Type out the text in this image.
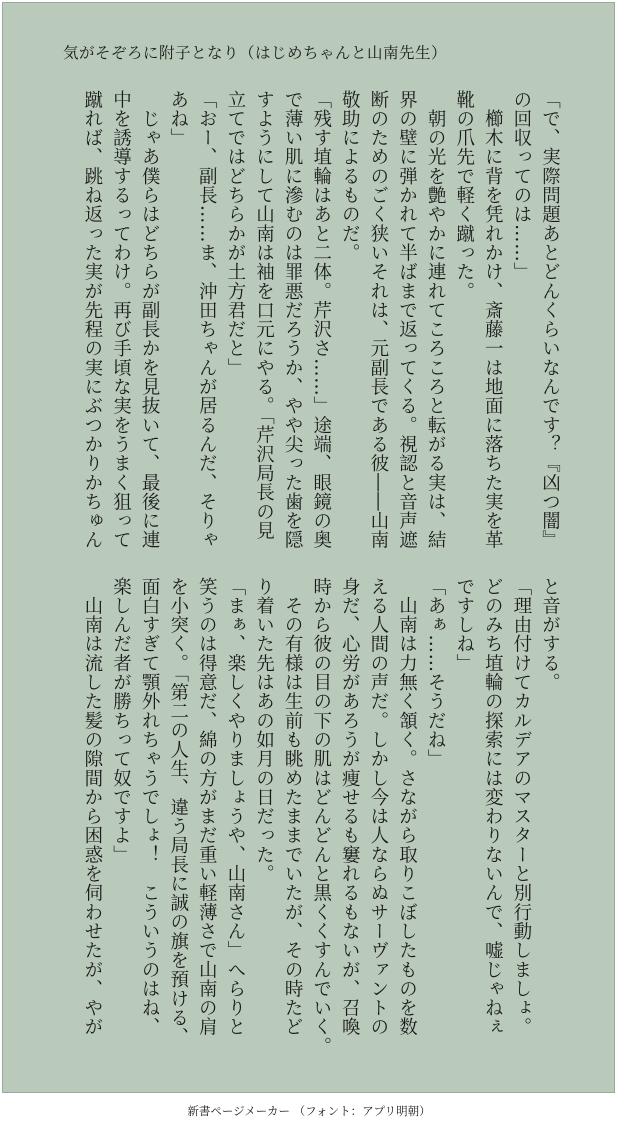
気がそぞろに附子となり（はじめちゃんと山南先生）
「で、実際問題あとどんくらいなんです？『凶つ闇』
の回収ってのは……」
　櫛木に背を凭れかけ、斎藤一は地面に落ちた実を革
靴の爪先で軽く蹴った。
　朝の光を艶やかに連れてころころと転がる実は、結
界の壁に弾かれて半ばまで返ってくる。視認と音声遮
断のためのごく狭いそれは、元副長である彼――山南
敬助によるものだ。
「残す埴輪はあと二体。芹沢さ……」途端、眼鏡の奥
で薄い肌に滲むのは罪悪だろうか、やや尖った歯を隠
すようにして山南は袖を口元にやる。「芹沢局長の見
立てではどちらかが土方君だと」
「おー、副長……ま、沖田ちゃんが居るんだ、そりゃ
あね」
　じゃあ僕らはどちらが副長かを見抜いて、最後に連
中を誘導するってわけ。再び手頃な実をうまく狙って
蹴れば、跳ね返った実が先程の実にぶつかりかちゅん
と音がする。
「理由付けてカルデアのマスターと別行動しましょ。
どのみち埴輪の探索には変わりないんで、嘘じゃねぇ
ですしね」
「あぁ……そうだね」
　山南は力無く頷く。さながら取りこぼしたものを数
える人間の声だ。しかし今は人ならぬサーヴァントの
身だ、心労があろうが痩せるも窶れるもないが、召喚
時から彼の目の下の肌はどんどんと黒くくすんでいく。
　その有様は生前も眺めたままでいたが、その時たど
り着いた先はあの如月の日だった。
「まぁ、楽しくやりましょうや、山南さん」へらりと
笑うのは得意だ、綿の方がまだ重い軽薄さで山南の肩
を小突く。「第二の人生、違う局長に誠の旗を預ける、
面白すぎて顎外れちゃうでしょ！　こういうのはね、
楽しんだ者が勝ちって奴ですよ」
　山南は流した髪の隙間から困惑を伺わせたが、やが
新書ページメーカー （フォント：アプリ明朝）
